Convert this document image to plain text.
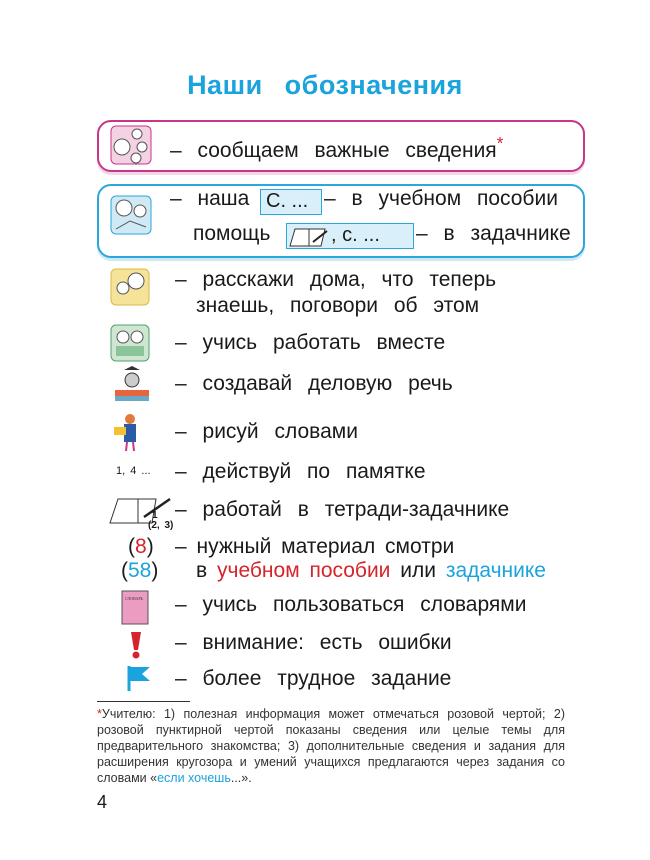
Наши обозначения
– сообщаем важные сведения*
– наша С. ... – в учебном пособии
помощь	, с. ...	– в задачнике
– расскажи дома, что теперь
знаешь, поговори об этом
– учись работать вместе
– создавай деловую речь
– рисуй словами
1, 4 ... – действуй по памятке
1
(2, 3)
– работай в тетради-задачнике
(8)
(58)
– нужный материал смотри
в учебном пособии или задачнике
СЛОВАРЬ – учись пользоваться словарями
– внимание: есть ошибки
– более трудное задание
*Учителю: 1) полезная информация может отмечаться розовой чертой; 2) розовой пунктирной чертой показаны сведения или целые темы для предварительного знакомства; 3) дополнительные сведения и задания для расширения кругозора и умений учащихся предлагаются через задания со словами «если хочешь...».
4
